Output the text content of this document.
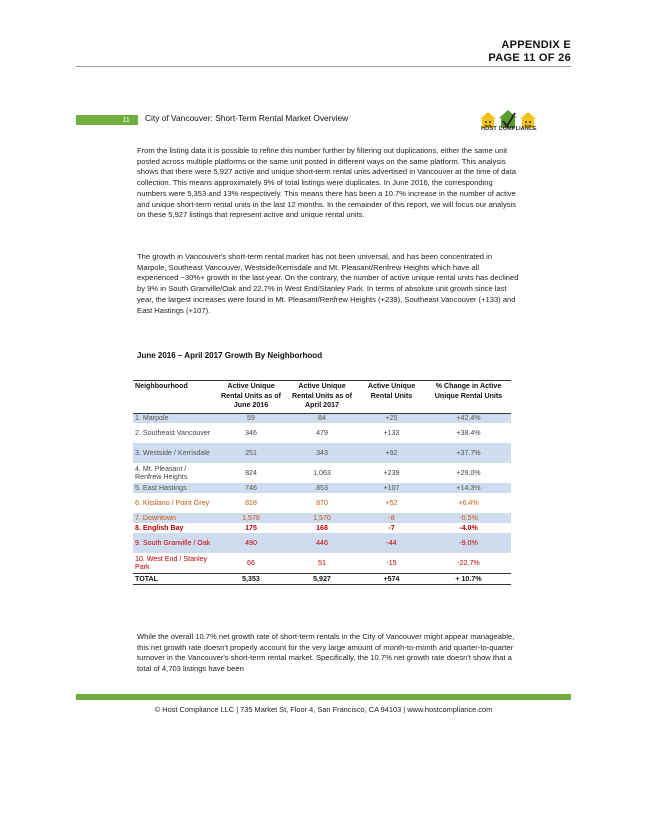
APPENDIX E
PAGE 11 OF 26
11	City of Vancouver: Short-Term Rental Market Overview
HOST COMPLIANCE

From the listing data it is possible to refine this number further by filtering out duplications, either the same unit posted across multiple platforms or the same unit posted in different ways on the same platform. This analysis shows that there were 5,927 active and unique short-term rental units advertised in Vancouver at the time of data collection. This means approximately 9% of total listings were duplicates. In June 2016, the corresponding numbers were 5,353 and 13% respectively. This means there has been a 10.7% increase in the number of active and unique short-term rental units in the last 12 months. In the remainder of this report, we will focus our analysis on these 5,927 listings that represent active and unique rental units.

The growth in Vancouver's short-term rental market has not been universal, and has been concentrated in Marpole, Southeast Vancouver, Westside/Kerrisdale and Mt. Pleasant/Renfrew Heights which have all experienced ~30%+ growth in the last year. On the contrary, the number of active unique rental units has declined by 9% in South Granville/Oak and 22.7% in West End/Stanley Park. In terms of absolute unit growth since last year, the largest increases were found in Mt. Pleasant/Renfrew Heights (+239), Southeast Vancouver (+133) and East Hastings (+107).

June 2016 – April 2017 Growth By Neighborhood
Neighbourhood	Active Unique Rental Units as of June 2016	Active Unique Rental Units as of April 2017	Active Unique Rental Units	% Change in Active Unique Rental Units
1. Marpole	59	84	+25	+42.4%
2. Southeast Vancouver	346	479	+133	+38.4%
3. Westside / Kerrisdale	251	343	+92	+37.7%
4. Mt. Pleasant / Renfrew Heights	824	1,063	+239	+29.0%
5. East Hastings	746	853	+107	+14.3%
6. Kitsilano / Point Grey	818	870	+52	+6.4%
7. Downtown	1,578	1,570	-8	-0.5%
8. English Bay	175	168	-7	-4.0%
9. South Granville / Oak	490	446	-44	-9.0%
10. West End / Stanley Park	66	51	-15	-22.7%
TOTAL	5,353	5,927	+574	+ 10.7%

While the overall 10.7% net growth rate of short-term rentals in the City of Vancouver might appear manageable, this net growth rate doesn't properly account for the very large amount of month-to-month and quarter-to-quarter turnover in the Vancouver's short-term rental market. Specifically, the 10.7% net growth rate doesn't show that a total of 4,703 listings have been

© Host Compliance LLC | 735 Market St, Floor 4, San Francisco, CA 94103 | www.hostcompliance.com
